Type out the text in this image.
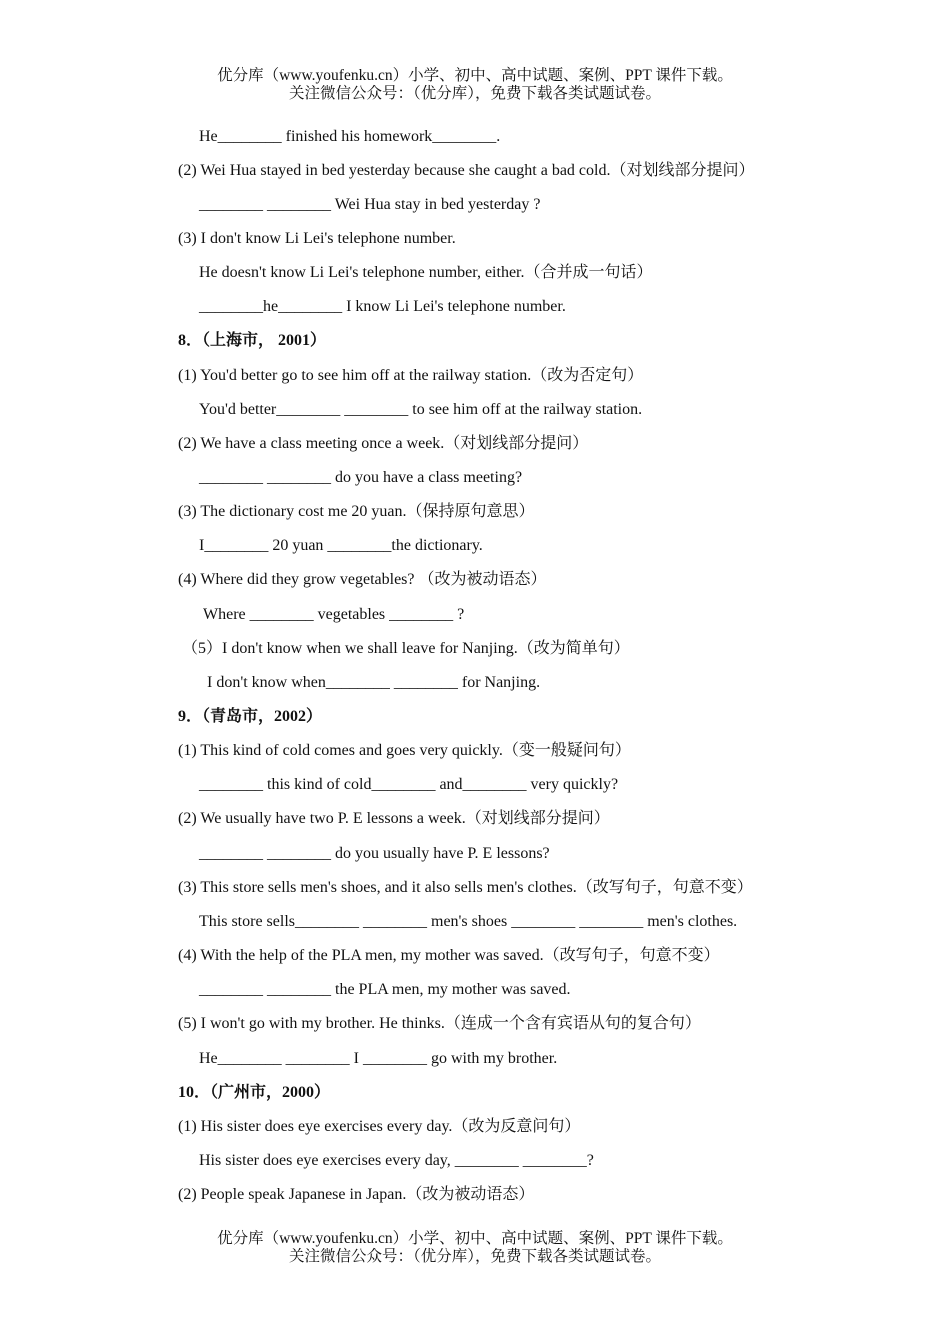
优分库（www.youfenku.cn）小学、初中、高中试题、案例、PPT 课件下载。
关注微信公众号：（优分库），免费下载各类试题试卷。
He________ finished his homework________.
(2) Wei Hua stayed in bed yesterday because she caught a bad cold.（对划线部分提问）
________ ________ Wei Hua stay in bed yesterday ?
(3) I don't know Li Lei's telephone number.
He doesn't know Li Lei's telephone number, either.（合并成一句话）
________he________ I know Li Lei's telephone number.
8．（上海市， 2001）
(1) You'd better go to see him off at the railway station.（改为否定句）
You'd better________ ________ to see him off at the railway station.
(2) We have a class meeting once a week.（对划线部分提问）
________ ________ do you have a class meeting?
(3) The dictionary cost me 20 yuan.（保持原句意思）
I________ 20 yuan ________the dictionary.
(4) Where did they grow vegetables? （改为被动语态）
Where ________ vegetables ________ ?
（5）I don't know when we shall leave for Nanjing.（改为简单句）
I don't know when________ ________ for Nanjing.
9．（青岛市，2002）
(1) This kind of cold comes and goes very quickly.（变一般疑问句）
________ this kind of cold________ and________ very quickly?
(2) We usually have two P. E lessons a week.（对划线部分提问）
________ ________ do you usually have P. E lessons?
(3) This store sells men's shoes, and it also sells men's clothes.（改写句子，句意不变）
This store sells________ ________ men's shoes ________ ________ men's clothes.
(4) With the help of the PLA men, my mother was saved.（改写句子，句意不变）
________ ________ the PLA men, my mother was saved.
(5) I won't go with my brother. He thinks.（连成一个含有宾语从句的复合句）
He________ ________ I ________ go with my brother.
10．（广州市，2000）
(1) His sister does eye exercises every day.（改为反意问句）
His sister does eye exercises every day, ________ ________?
(2) People speak Japanese in Japan.（改为被动语态）
优分库（www.youfenku.cn）小学、初中、高中试题、案例、PPT 课件下载。
关注微信公众号：（优分库），免费下载各类试题试卷。
